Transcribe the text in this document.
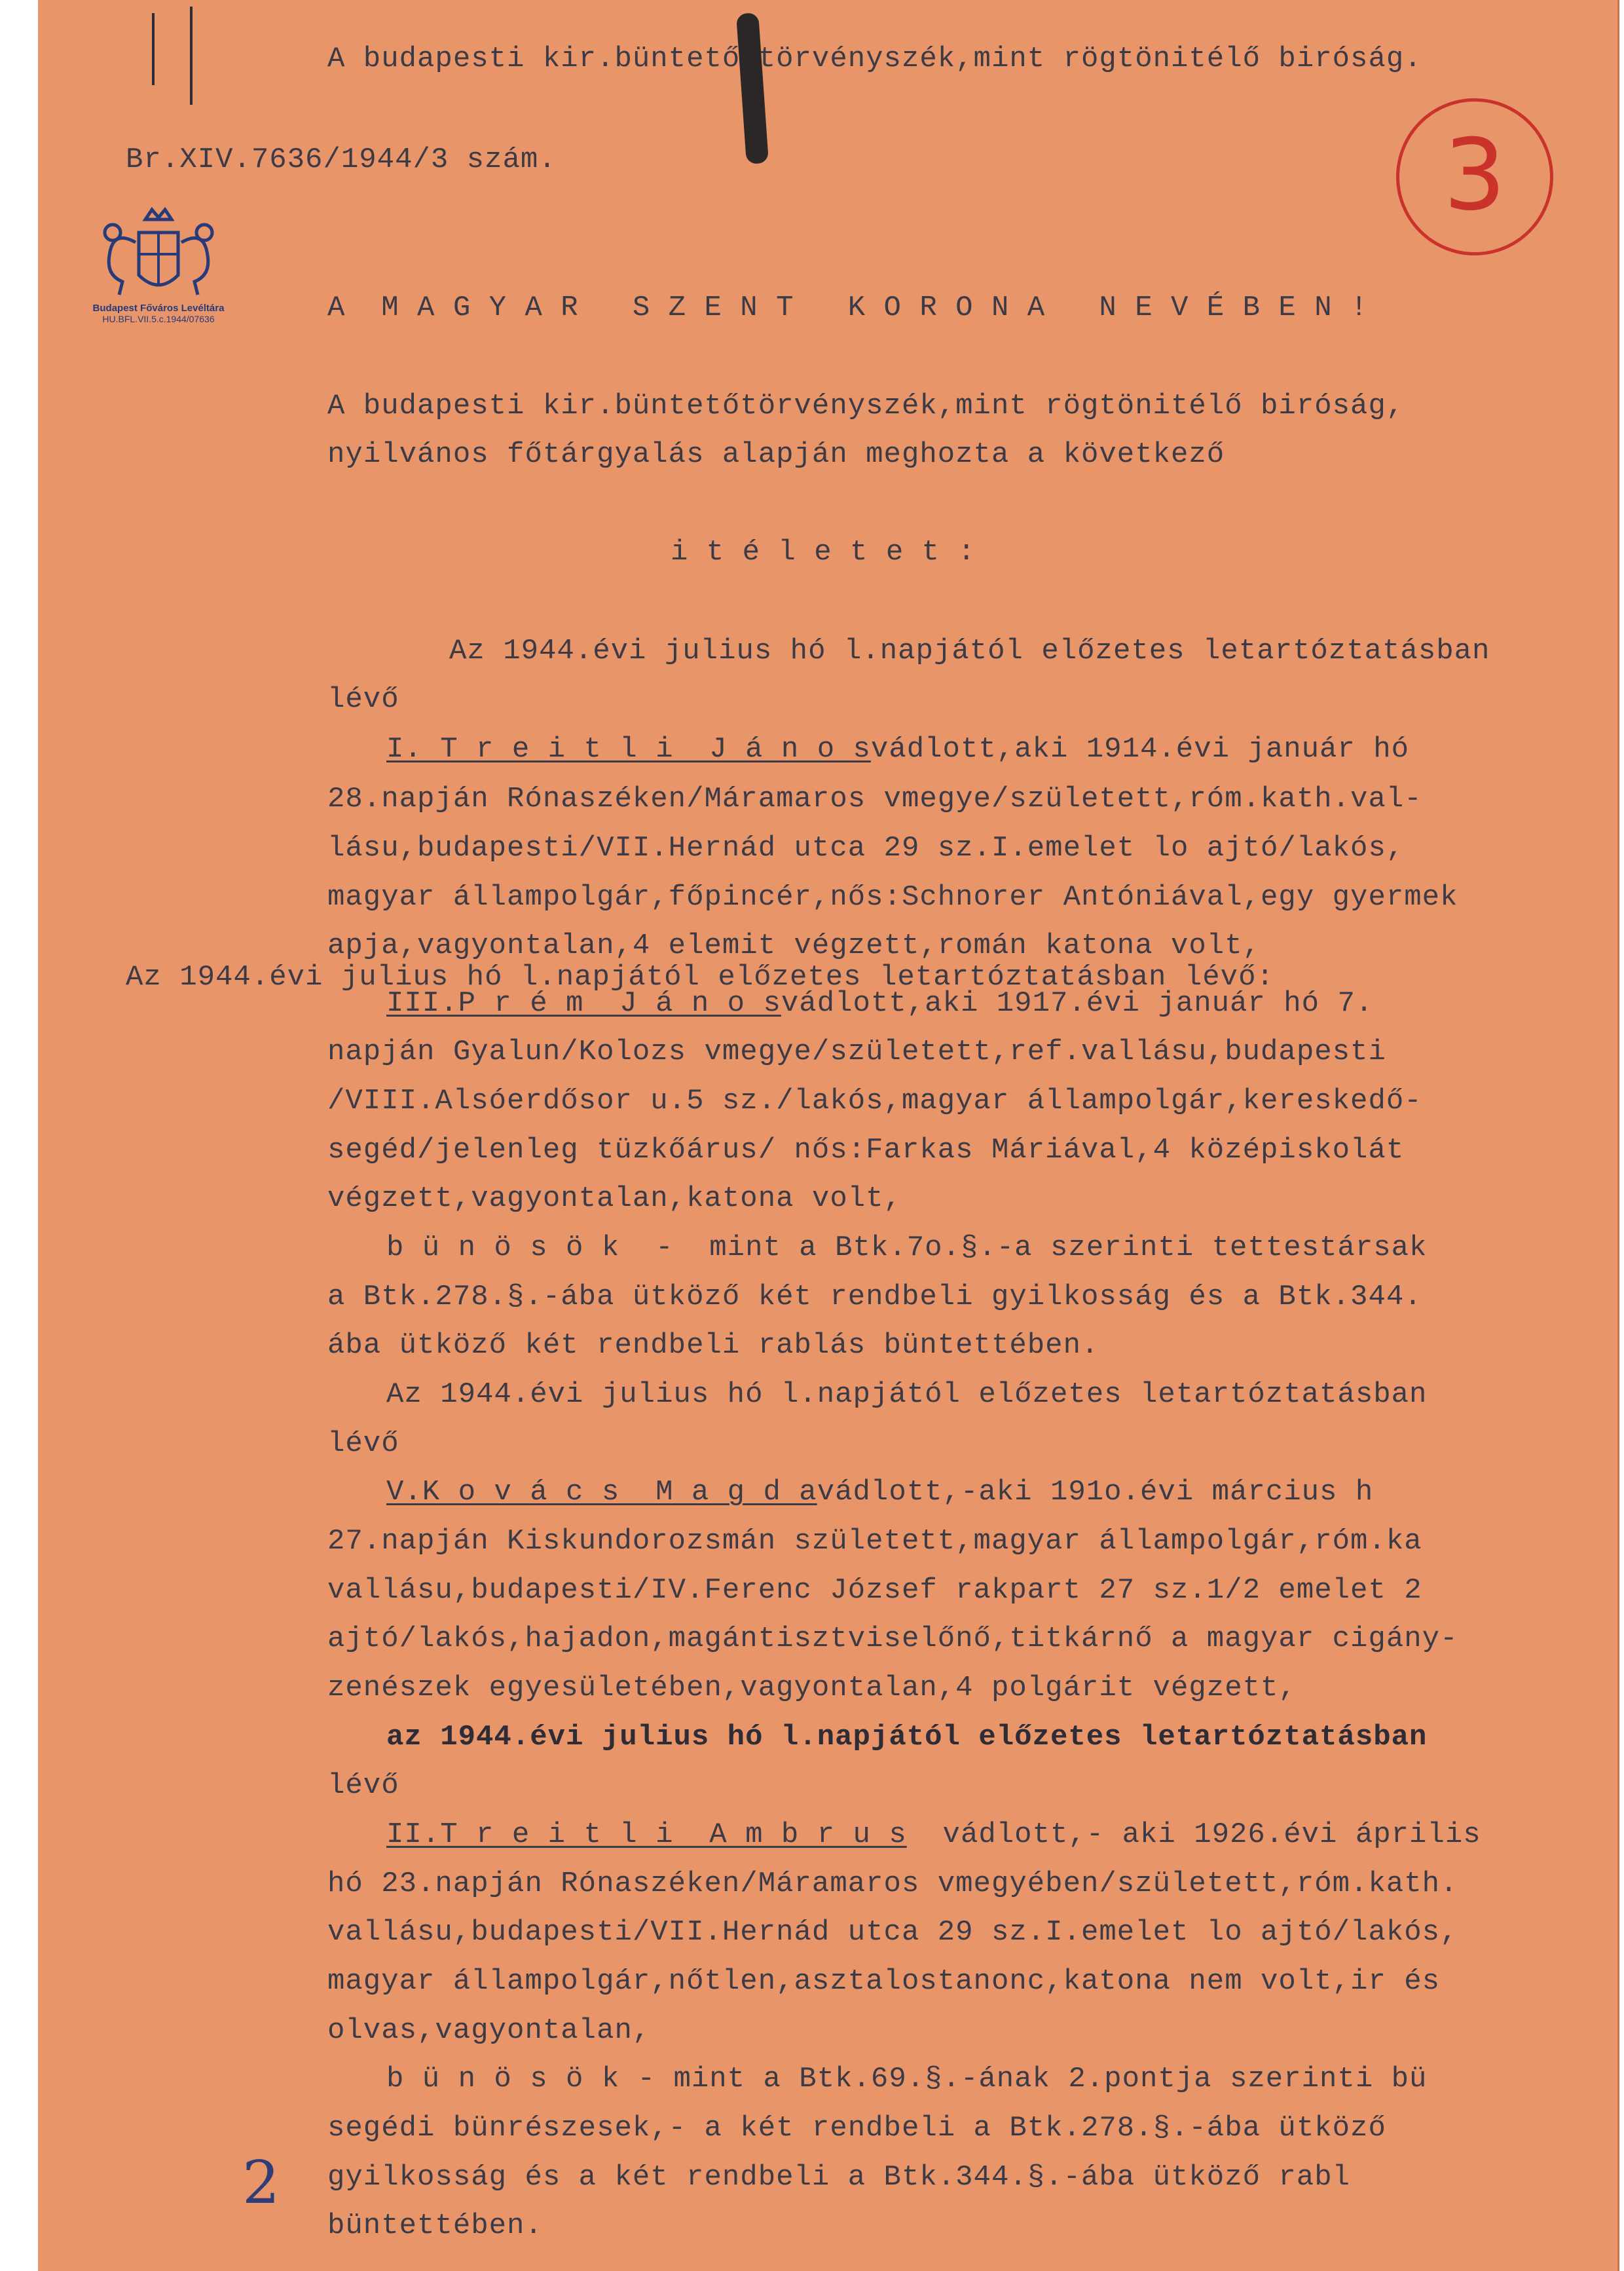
3
Budapest Főváros Levéltára
HU.BFL.VII.5.c.1944/07636
A budapesti kir.büntető törvényszék,mint rögtönitélő biróság.
Br.XIV.7636/1944/3 szám.
A  M A G Y A R   S Z E N T   K O R O N A   N E V É B E N !
A budapesti kir.büntetőtörvényszék,mint rögtönitélő biróság,
nyilvános főtárgyalás alapján meghozta a következő
i t é l e t e t :
Az 1944.évi julius hó l.napjától előzetes letartóztatásban
lévő
I. T r e i t l i  J á n o svádlott,aki 1914.évi január hó
28.napján Rónaszéken/Máramaros vmegye/született,róm.kath.val-
lásu,budapesti/VII.Hernád utca 29 sz.I.emelet lo ajtó/lakós,
magyar állampolgár,főpincér,nős:Schnorer Antóniával,egy gyermek
apja,vagyontalan,4 elemit végzett,román katona volt,
Az 1944.évi julius hó l.napjától előzetes letartóztatásban lévő:
III.P r é m  J á n o svádlott,aki 1917.évi január hó 7.
napján Gyalun/Kolozs vmegye/született,ref.vallásu,budapesti
/VIII.Alsóerdősor u.5 sz./lakós,magyar állampolgár,kereskedő-
segéd/jelenleg tüzkőárus/ nős:Farkas Máriával,4 középiskolát
végzett,vagyontalan,katona volt,
b ü n ö s ö k  -  mint a Btk.7o.§.-a szerinti tettestársak
a Btk.278.§.-ába ütköző két rendbeli gyilkosság és a Btk.344.
ába ütköző két rendbeli rablás büntettében.
Az 1944.évi julius hó l.napjától előzetes letartóztatásban
lévő
V.K o v á c s  M a g d avádlott,-aki 191o.évi március h
27.napján Kiskundorozsmán született,magyar állampolgár,róm.ka
vallásu,budapesti/IV.Ferenc József rakpart 27 sz.1/2 emelet 2
ajtó/lakós,hajadon,magántisztviselőnő,titkárnő a magyar cigány-
zenészek egyesületében,vagyontalan,4 polgárit végzett,
az 1944.évi julius hó l.napjától előzetes letartóztatásban
lévő
II.T r e i t l i  A m b r u s vádlott,- aki 1926.évi április
hó 23.napján Rónaszéken/Máramaros vmegyében/született,róm.kath.
vallásu,budapesti/VII.Hernád utca 29 sz.I.emelet lo ajtó/lakós,
magyar állampolgár,nőtlen,asztalostanonc,katona nem volt,ir és
olvas,vagyontalan,
b ü n ö s ö k - mint a Btk.69.§.-ának 2.pontja szerinti bü
segédi bünrészesek,- a két rendbeli a Btk.278.§.-ába ütköző
gyilkosság és a két rendbeli a Btk.344.§.-ába ütköző rabl
büntettében.
2
